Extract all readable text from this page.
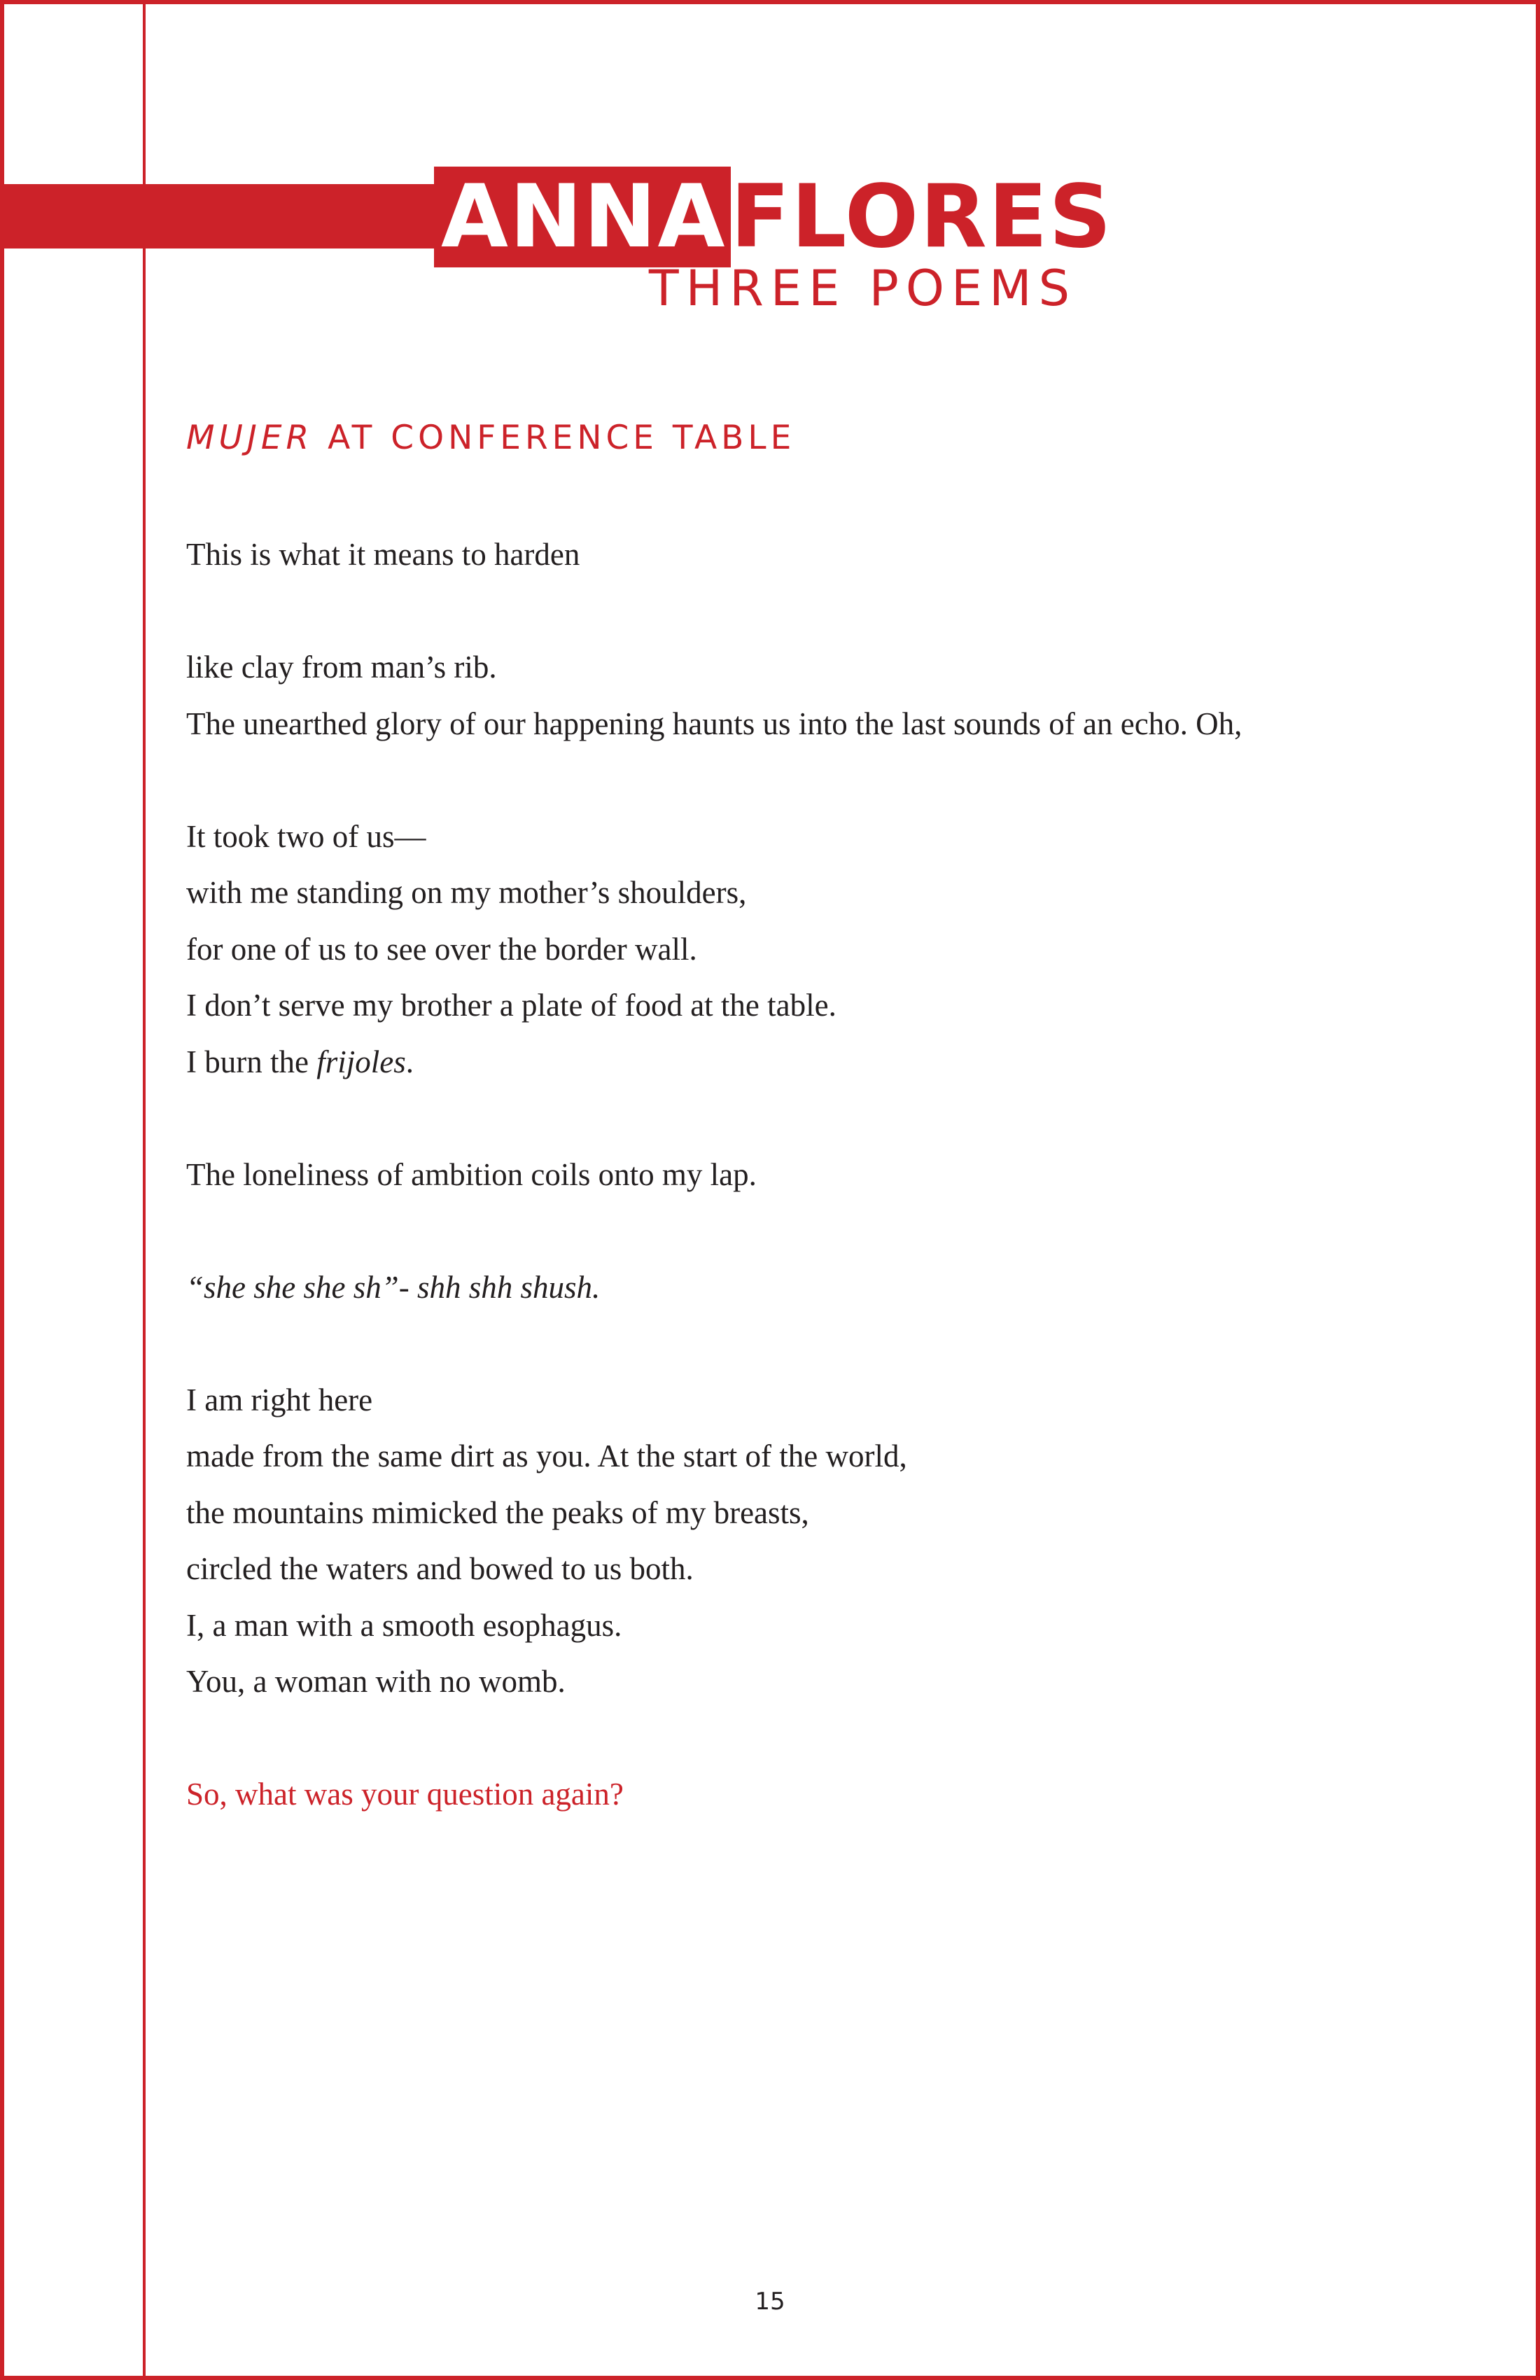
ANNAFLORES
THREE POEMS
MUJER AT CONFERENCE TABLE
This is what it means to harden
like clay from man’s rib.
The unearthed glory of our happening haunts us into the last sounds of an echo. Oh,
It took two of us—
with me standing on my mother’s shoulders,
for one of us to see over the border wall.
I don’t serve my brother a plate of food at the table.
I burn the frijoles.
The loneliness of ambition coils onto my lap.
“she she she sh”- shh shh shush.
I am right here
made from the same dirt as you. At the start of the world,
the mountains mimicked the peaks of my breasts,
circled the waters and bowed to us both.
I, a man with a smooth esophagus.
You, a woman with no womb.
So, what was your question again?
15
